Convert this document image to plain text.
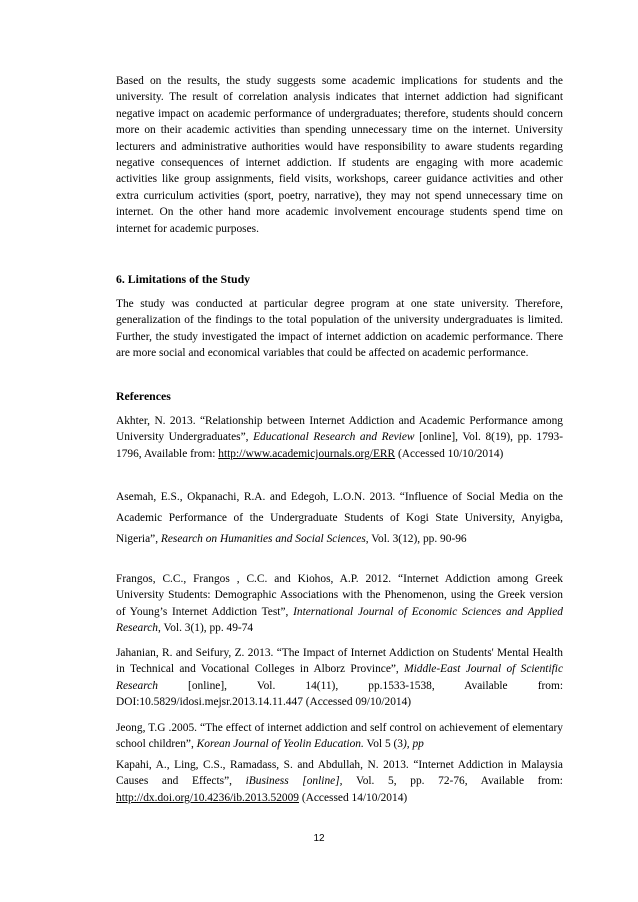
Based on the results, the study suggests some academic implications for students and the university. The result of correlation analysis indicates that internet addiction had significant negative impact on academic performance of undergraduates; therefore, students should concern more on their academic activities than spending unnecessary time on the internet. University lecturers and administrative authorities would have responsibility to aware students regarding negative consequences of internet addiction. If students are engaging with more academic activities like group assignments, field visits, workshops, career guidance activities and other extra curriculum activities (sport, poetry, narrative), they may not spend unnecessary time on internet. On the other hand more academic involvement encourage students spend time on internet for academic purposes.

6. Limitations of the Study

The study was conducted at particular degree program at one state university. Therefore, generalization of the findings to the total population of the university undergraduates is limited. Further, the study investigated the impact of internet addiction on academic performance. There are more social and economical variables that could be affected on academic performance.

References

Akhter, N. 2013. “Relationship between Internet Addiction and Academic Performance among University Undergraduates”, Educational Research and Review [online], Vol. 8(19), pp. 1793-1796, Available from: http://www.academicjournals.org/ERR (Accessed 10/10/2014)

Asemah, E.S., Okpanachi, R.A. and Edegoh, L.O.N. 2013. “Influence of Social Media on the Academic Performance of the Undergraduate Students of Kogi State University, Anyigba, Nigeria”, Research on Humanities and Social Sciences, Vol. 3(12), pp. 90-96

Frangos, C.C., Frangos , C.C. and Kiohos, A.P. 2012. “Internet Addiction among Greek University Students: Demographic Associations with the Phenomenon, using the Greek version of Young’s Internet Addiction Test”, International Journal of Economic Sciences and Applied Research, Vol. 3(1), pp. 49-74

Jahanian, R. and Seifury, Z. 2013. “The Impact of Internet Addiction on Students' Mental Health in Technical and Vocational Colleges in Alborz Province”, Middle-East Journal of Scientific Research [online], Vol. 14(11), pp.1533-1538, Available from: DOI:10.5829/idosi.mejsr.2013.14.11.447 (Accessed 09/10/2014)

Jeong, T.G .2005. “The effect of internet addiction and self control on achievement of elementary school children”, Korean Journal of Yeolin Education. Vol 5 (3), pp

Kapahi, A., Ling, C.S., Ramadass, S. and Abdullah, N. 2013. “Internet Addiction in Malaysia Causes and Effects”, iBusiness [online], Vol. 5, pp. 72-76, Available from: http://dx.doi.org/10.4236/ib.2013.52009 (Accessed 14/10/2014)

12
